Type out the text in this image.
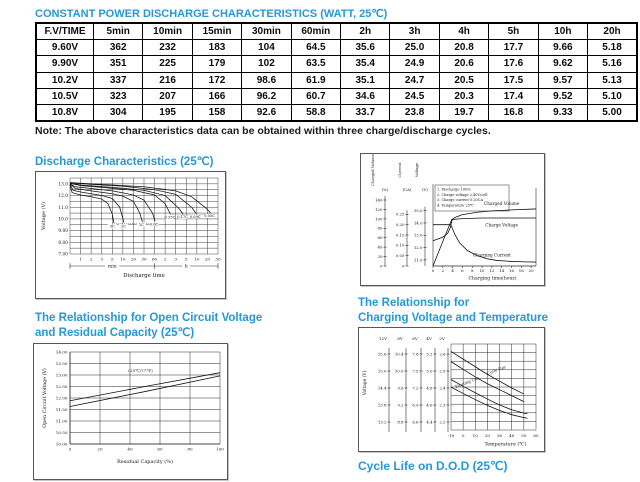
CONSTANT POWER DISCHARGE CHARACTERISTICS (WATT, 25℃)
F.V/TIME	5min	10min	15min	30min	60min	2h	3h	4h	5h	10h	20h
9.60V	362	232	183	104	64.5	35.6	25.0	20.8	17.7	9.66	5.18
9.90V	351	225	179	102	63.5	35.4	24.9	20.6	17.6	9.62	5.16
10.2V	337	216	172	98.6	61.9	35.1	24.7	20.5	17.5	9.57	5.13
10.5V	323	207	166	96.2	60.7	34.6	24.5	20.3	17.4	9.52	5.10
10.8V	304	195	158	92.6	58.8	33.7	23.8	19.7	16.8	9.33	5.00
Note: The above characteristics data can be obtained within three charge/discharge cycles.
Discharge Characteristics (25℃)
13.0
12.0
11.0
10.0
9.00
8.00
7.00
1 2 3 5 10 20 30 60 2 3 5 10 20 30
Voltage (V)
min	h
Discharge time
3C 2C	1C 0.6C
0.25C 0.17C 0.09C 0.05C
Charged Volume
(%)
0
20
40
60
80
100
120
140
Current
(CA)
0
0.05
0.10
0.15
0.20
0.25
Voltage
(V)
11.0
12.0
13.0
14.0
15.0
0 2 4 6 8 10 12 14 16 18 20
Charging time(hour)
1. Discharge 100%
2. Charge voltage 2.40V/cell
3. Charge current 0.20CA
4. Temperature 25℃ Charged Volume
Charge Voltage
Charging Current
The Relationship for Open Circuit Voltage
and Residual Capacity (25℃)
14.00
13.50
13.00
12.50
12.00
11.50
11.00
10.50
10.00
0	20	40	60	80	100
Open Circuit Voltage (V)
Residual Capacity (%)
(25℃/77°F)
The Relationship for
Charging Voltage and Temperature
Voltage (V)
12V
15.6
15.0
14.4
13.8
13.2
8V
10.4
10.0
9.6
9.2
8.8
6V
7.8
7.5
7.2
6.9
6.6
4V
5.2
5.0
4.8
4.6
4.4
2V
2.6
2.5
2.4
2.3
2.2
-10 0 10 20 30 40 50 60
Temperature (℃)
Cycle Use
Floating Use
Cycle Life on D.O.D (25℃)
